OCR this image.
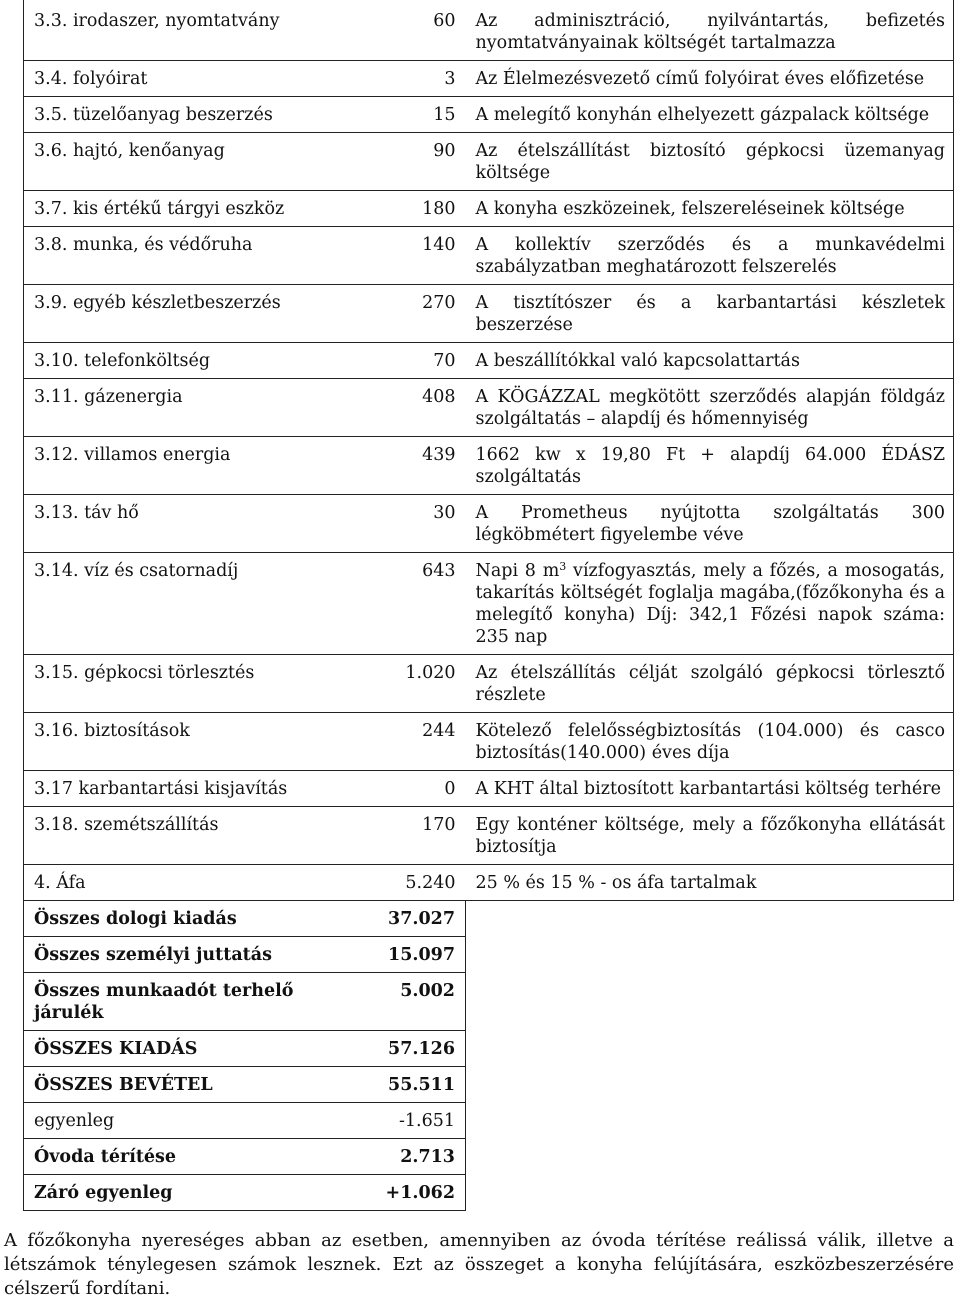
3.3. irodaszer, nyomtatvány	60	Az adminisztráció, nyilvántartás, befizetés nyomtatványainak költségét tartalmazza
3.4. folyóirat	3	Az Élelmezésvezető című folyóirat éves előfizetése
3.5. tüzelőanyag beszerzés	15	A melegítő konyhán elhelyezett gázpalack költsége
3.6. hajtó, kenőanyag	90	Az ételszállítást biztosító gépkocsi üzemanyag költsége
3.7. kis értékű tárgyi eszköz	180	A konyha eszközeinek, felszereléseinek költsége
3.8. munka, és védőruha	140	A kollektív szerződés és a munkavédelmi szabályzatban meghatározott felszerelés
3.9. egyéb készletbeszerzés	270	A tisztítószer és a karbantartási készletek beszerzése
3.10. telefonköltség	70	A beszállítókkal való kapcsolattartás
3.11. gázenergia	408	A KÖGÁZZAL megkötött szerződés alapján földgáz szolgáltatás – alapdíj és hőmennyiség
3.12. villamos energia	439	1662 kw x 19,80 Ft + alapdíj 64.000 ÉDÁSZ szolgáltatás
3.13. táv hő	30	A Prometheus nyújtotta szolgáltatás 300 légköbmétert figyelembe véve
3.14. víz és csatornadíj	643	Napi 8 $m^3$ vízfogyasztás, mely a főzés, a mosogatás, takarítás költségét foglalja magába,(főzőkonyha és a melegítő konyha) Díj: 342,1 Főzési napok száma: 235 nap
3.15. gépkocsi törlesztés	1.020	Az ételszállítás célját szolgáló gépkocsi törlesztő részlete
3.16. biztosítások	244	Kötelező felelősségbiztosítás (104.000) és casco biztosítás(140.000) éves díja
3.17 karbantartási kisjavítás	0	A KHT által biztosított karbantartási költség terhére
3.18. szemétszállítás	170	Egy konténer költsége, mely a főzőkonyha ellátását biztosítja
4. Áfa	5.240	25 % és 15 % - os áfa tartalmak
Összes dologi kiadás	37.027	
Összes személyi juttatás	15.097	
Összes munkaadót terhelő járulék	5.002	
ÖSSZES KIADÁS	57.126	
ÖSSZES BEVÉTEL	55.511	
egyenleg	-1.651	
Óvoda térítése	2.713	
Záró egyenleg	+1.062	

A főzőkonyha nyereséges abban az esetben, amennyiben az óvoda térítése reálissá válik, illetve a létszámok ténylegesen számok lesznek. Ezt az összeget a konyha felújítására, eszközbeszerzésére célszerű fordítani.
